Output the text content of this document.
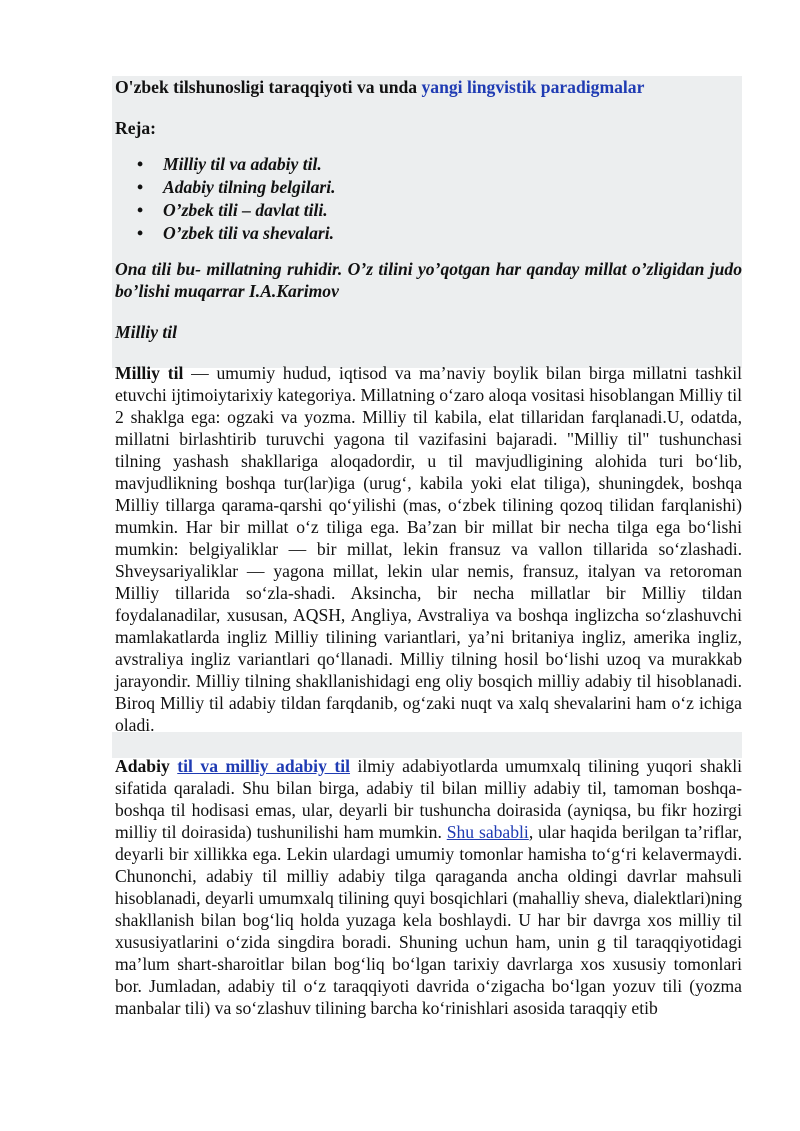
O'zbek tilshunosligi taraqqiyoti va unda yangi lingvistik paradigmalar
Reja:
• Milliy til va adabiy til.
• Adabiy tilning belgilari.
• O’zbek tili – davlat tili.
• O’zbek tili va shevalari.
Ona tili bu- millatning ruhidir. O’z tilini yo’qotgan har qanday millat o’zligidan judo bo’lishi muqarrar I.A.Karimov
Milliy til
Milliy til — umumiy hudud, iqtisod va ma’naviy boylik bilan birga millatni tashkil etuvchi ijtimoiytarixiy kategoriya. Millatning o‘zaro aloqa vositasi hisoblangan Milliy til 2 shaklga ega: ogzaki va yozma. Milliy til kabila, elat tillaridan farqlanadi.U, odatda, millatni birlashtirib turuvchi yagona til vazifasini bajaradi. "Milliy til" tushunchasi tilning yashash shakllariga aloqadordir, u til mavjudligining alohida turi bo‘lib, mavjudlikning boshqa tur(lar)iga (urug‘, kabila yoki elat tiliga), shuningdek, boshqa Milliy tillarga qarama-qarshi qo‘yilishi (mas, o‘zbek tilining qozoq tilidan farqlanishi) mumkin. Har bir millat o‘z tiliga ega. Ba’zan bir millat bir necha tilga ega bo‘lishi mumkin: belgiyaliklar — bir millat, lekin fransuz va vallon tillarida so‘zlashadi. Shveysariyaliklar — yagona millat, lekin ular nemis, fransuz, italyan va retoroman Milliy tillarida so‘zla-shadi. Aksincha, bir necha millatlar bir Milliy tildan foydalanadilar, xususan, AQSH, Angliya, Avstraliya va boshqa inglizcha so‘zlashuvchi mamlakatlarda ingliz Milliy tilining variantlari, ya’ni britaniya ingliz, amerika ingliz, avstraliya ingliz variantlari qo‘llanadi. Milliy tilning hosil bo‘lishi uzoq va murakkab jarayondir. Milliy tilning shakllanishidagi eng oliy bosqich milliy adabiy til hisoblanadi. Biroq Milliy til adabiy tildan farqdanib, og‘zaki nuqt va xalq shevalarini ham o‘z ichiga oladi.
Adabiy til va milliy adabiy til ilmiy adabiyotlarda umumxalq tilining yuqori shakli sifatida qaraladi. Shu bilan birga, adabiy til bilan milliy adabiy til, tamoman boshqa-boshqa til hodisasi emas, ular, deyarli bir tushuncha doirasida (ayniqsa, bu fikr hozirgi milliy til doirasida) tushunilishi ham mumkin. Shu sababli, ular haqida berilgan ta’riflar, deyarli bir xillikka ega. Lekin ulardagi umumiy tomonlar hamisha to‘g‘ri kelavermaydi. Chunonchi, adabiy til milliy adabiy tilga qaraganda ancha oldingi davrlar mahsuli hisoblanadi, deyarli umumxalq tilining quyi bosqichlari (mahalliy sheva, dialektlari)ning shakllanish bilan bog‘liq holda yuzaga kela boshlaydi. U har bir davrga xos milliy til xususiyatlarini o‘zida singdira boradi. Shuning uchun ham, unin g til taraqqiyotidagi ma’lum shart-sharoitlar bilan bog‘liq bo‘lgan tarixiy davrlarga xos xususiy tomonlari bor. Jumladan, adabiy til o‘z taraqqiyoti davrida o‘zigacha bo‘lgan yozuv tili (yozma manbalar tili) va so‘zlashuv tilining barcha ko‘rinishlari asosida taraqqiy etib
